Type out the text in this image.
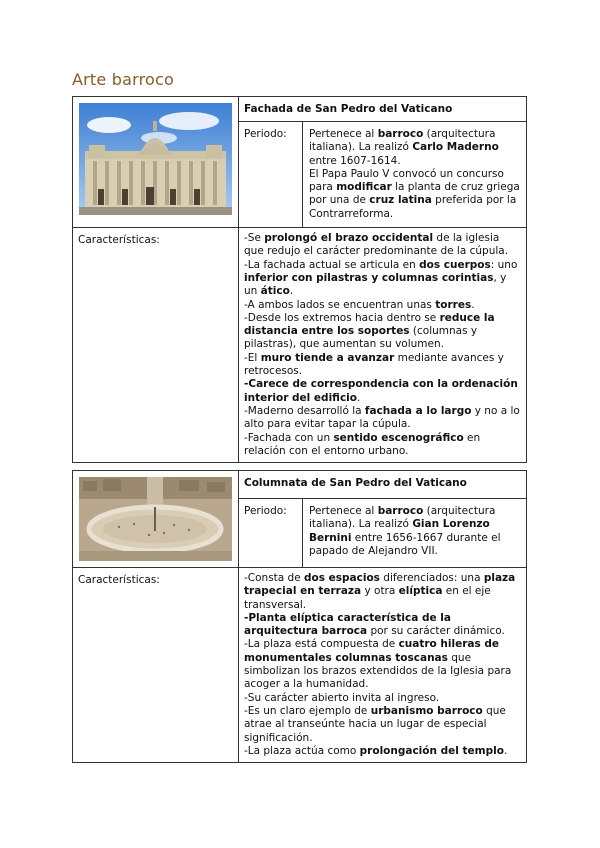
Arte barroco
Fachada de San Pedro del Vaticano
Periodo:	Pertenece al barroco (arquitectura italiana). La realizó Carlo Maderno entre 1607-1614.
El Papa Paulo V convocó un concurso para modificar la planta de cruz griega por una de cruz latina preferida por la Contrarreforma.
Características:	-Se prolongó el brazo occidental de la iglesia que redujo el carácter predominante de la cúpula.

-La fachada actual se articula en dos cuerpos: uno inferior con pilastras y columnas corintias, y un ático.

-A ambos lados se encuentran unas torres.

-Desde los extremos hacia dentro se reduce la distancia entre los soportes (columnas y pilastras), que aumentan su volumen.

-El muro tiende a avanzar mediante avances y retrocesos.

-Carece de correspondencia con la ordenación interior del edificio.

-Maderno desarrolló la fachada a lo largo y no a lo alto para evitar tapar la cúpula.

-Fachada con un sentido escenográfico en relación con el entorno urbano.

Columnata de San Pedro del Vaticano
Periodo:	Pertenece al barroco (arquitectura italiana). La realizó Gian Lorenzo Bernini entre 1656-1667 durante el papado de Alejandro VII.
Características:	-Consta de dos espacios diferenciados: una plaza trapecial en terraza y otra elíptica en el eje transversal.

-Planta elíptica característica de la arquitectura barroca por su carácter dinámico.

-La plaza está compuesta de cuatro hileras de monumentales columnas toscanas que simbolizan los brazos extendidos de la Iglesia para acoger a la humanidad.

-Su carácter abierto invita al ingreso.

-Es un claro ejemplo de urbanismo barroco que atrae al transeúnte hacia un lugar de especial significación.

-La plaza actúa como prolongación del templo.
